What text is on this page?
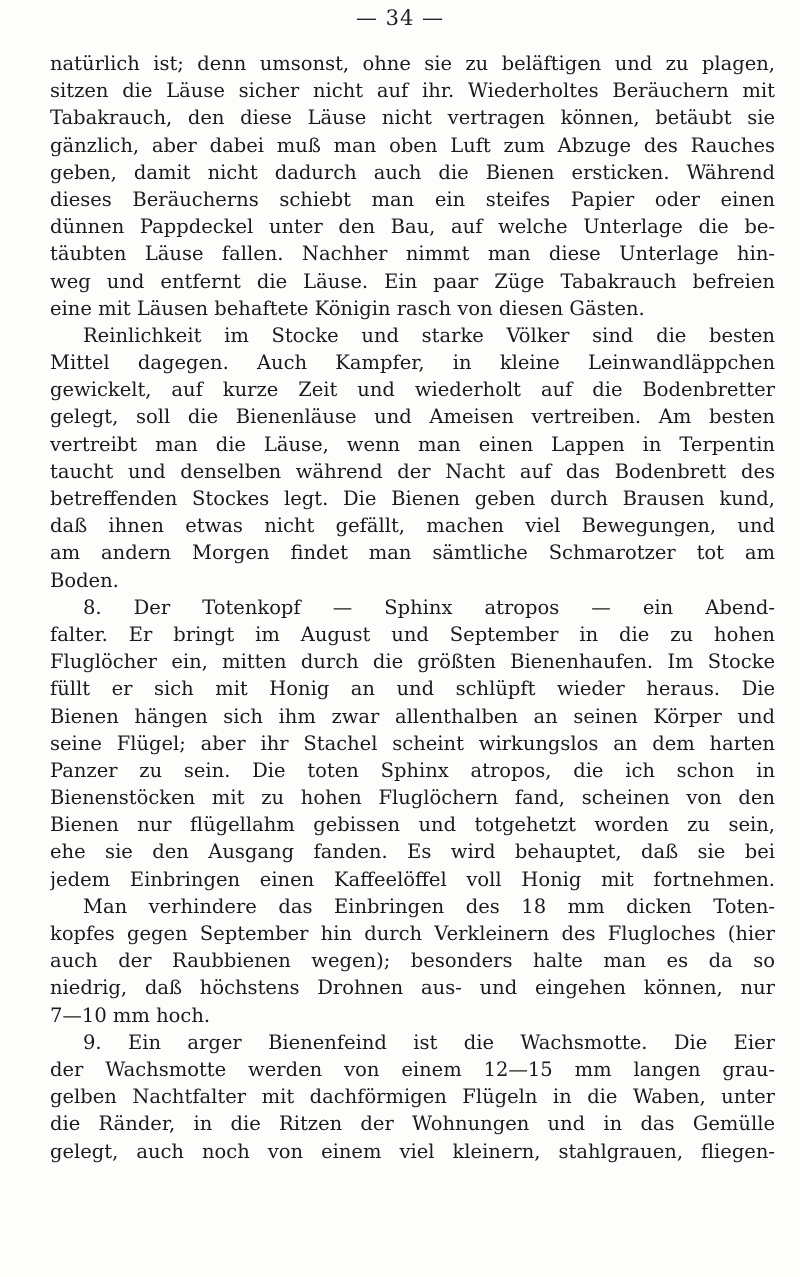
— 34 —
natürlich ist; denn umsonst, ohne sie zu beläftigen und zu plagen,
sitzen die Läuse sicher nicht auf ihr. Wiederholtes Beräuchern mit
Tabakrauch, den diese Läuse nicht vertragen können, betäubt sie
gänzlich, aber dabei muß man oben Luft zum Abzuge des Rauches
geben, damit nicht dadurch auch die Bienen ersticken. Während
dieses Beräucherns schiebt man ein steifes Papier oder einen
dünnen Pappdeckel unter den Bau, auf welche Unterlage die be-
täubten Läuse fallen. Nachher nimmt man diese Unterlage hin-
weg und entfernt die Läuse. Ein paar Züge Tabakrauch befreien
eine mit Läusen behaftete Königin rasch von diesen Gästen.
Reinlichkeit im Stocke und starke Völker sind die besten
Mittel dagegen. Auch Kampfer, in kleine Leinwandläppchen
gewickelt, auf kurze Zeit und wiederholt auf die Bodenbretter
gelegt, soll die Bienenläuse und Ameisen vertreiben. Am besten
vertreibt man die Läuse, wenn man einen Lappen in Terpentin
taucht und denselben während der Nacht auf das Bodenbrett des
betreffenden Stockes legt. Die Bienen geben durch Brausen kund,
daß ihnen etwas nicht gefällt, machen viel Bewegungen, und
am andern Morgen findet man sämtliche Schmarotzer tot am
Boden.
8. Der Totenkopf — Sphinx atropos — ein Abend-
falter. Er bringt im August und September in die zu hohen
Fluglöcher ein, mitten durch die größten Bienenhaufen. Im Stocke
füllt er sich mit Honig an und schlüpft wieder heraus. Die
Bienen hängen sich ihm zwar allenthalben an seinen Körper und
seine Flügel; aber ihr Stachel scheint wirkungslos an dem harten
Panzer zu sein. Die toten Sphinx atropos, die ich schon in
Bienenstöcken mit zu hohen Fluglöchern fand, scheinen von den
Bienen nur flügellahm gebissen und totgehetzt worden zu sein,
ehe sie den Ausgang fanden. Es wird behauptet, daß sie bei
jedem Einbringen einen Kaffeelöffel voll Honig mit fortnehmen.
Man verhindere das Einbringen des 18 mm dicken Toten-
kopfes gegen September hin durch Verkleinern des Flugloches (hier
auch der Raubbienen wegen); besonders halte man es da so
niedrig, daß höchstens Drohnen aus- und eingehen können, nur
7—10 mm hoch.
9. Ein arger Bienenfeind ist die Wachsmotte. Die Eier
der Wachsmotte werden von einem 12—15 mm langen grau-
gelben Nachtfalter mit dachförmigen Flügeln in die Waben, unter
die Ränder, in die Ritzen der Wohnungen und in das Gemülle
gelegt, auch noch von einem viel kleinern, stahlgrauen, fliegen-
